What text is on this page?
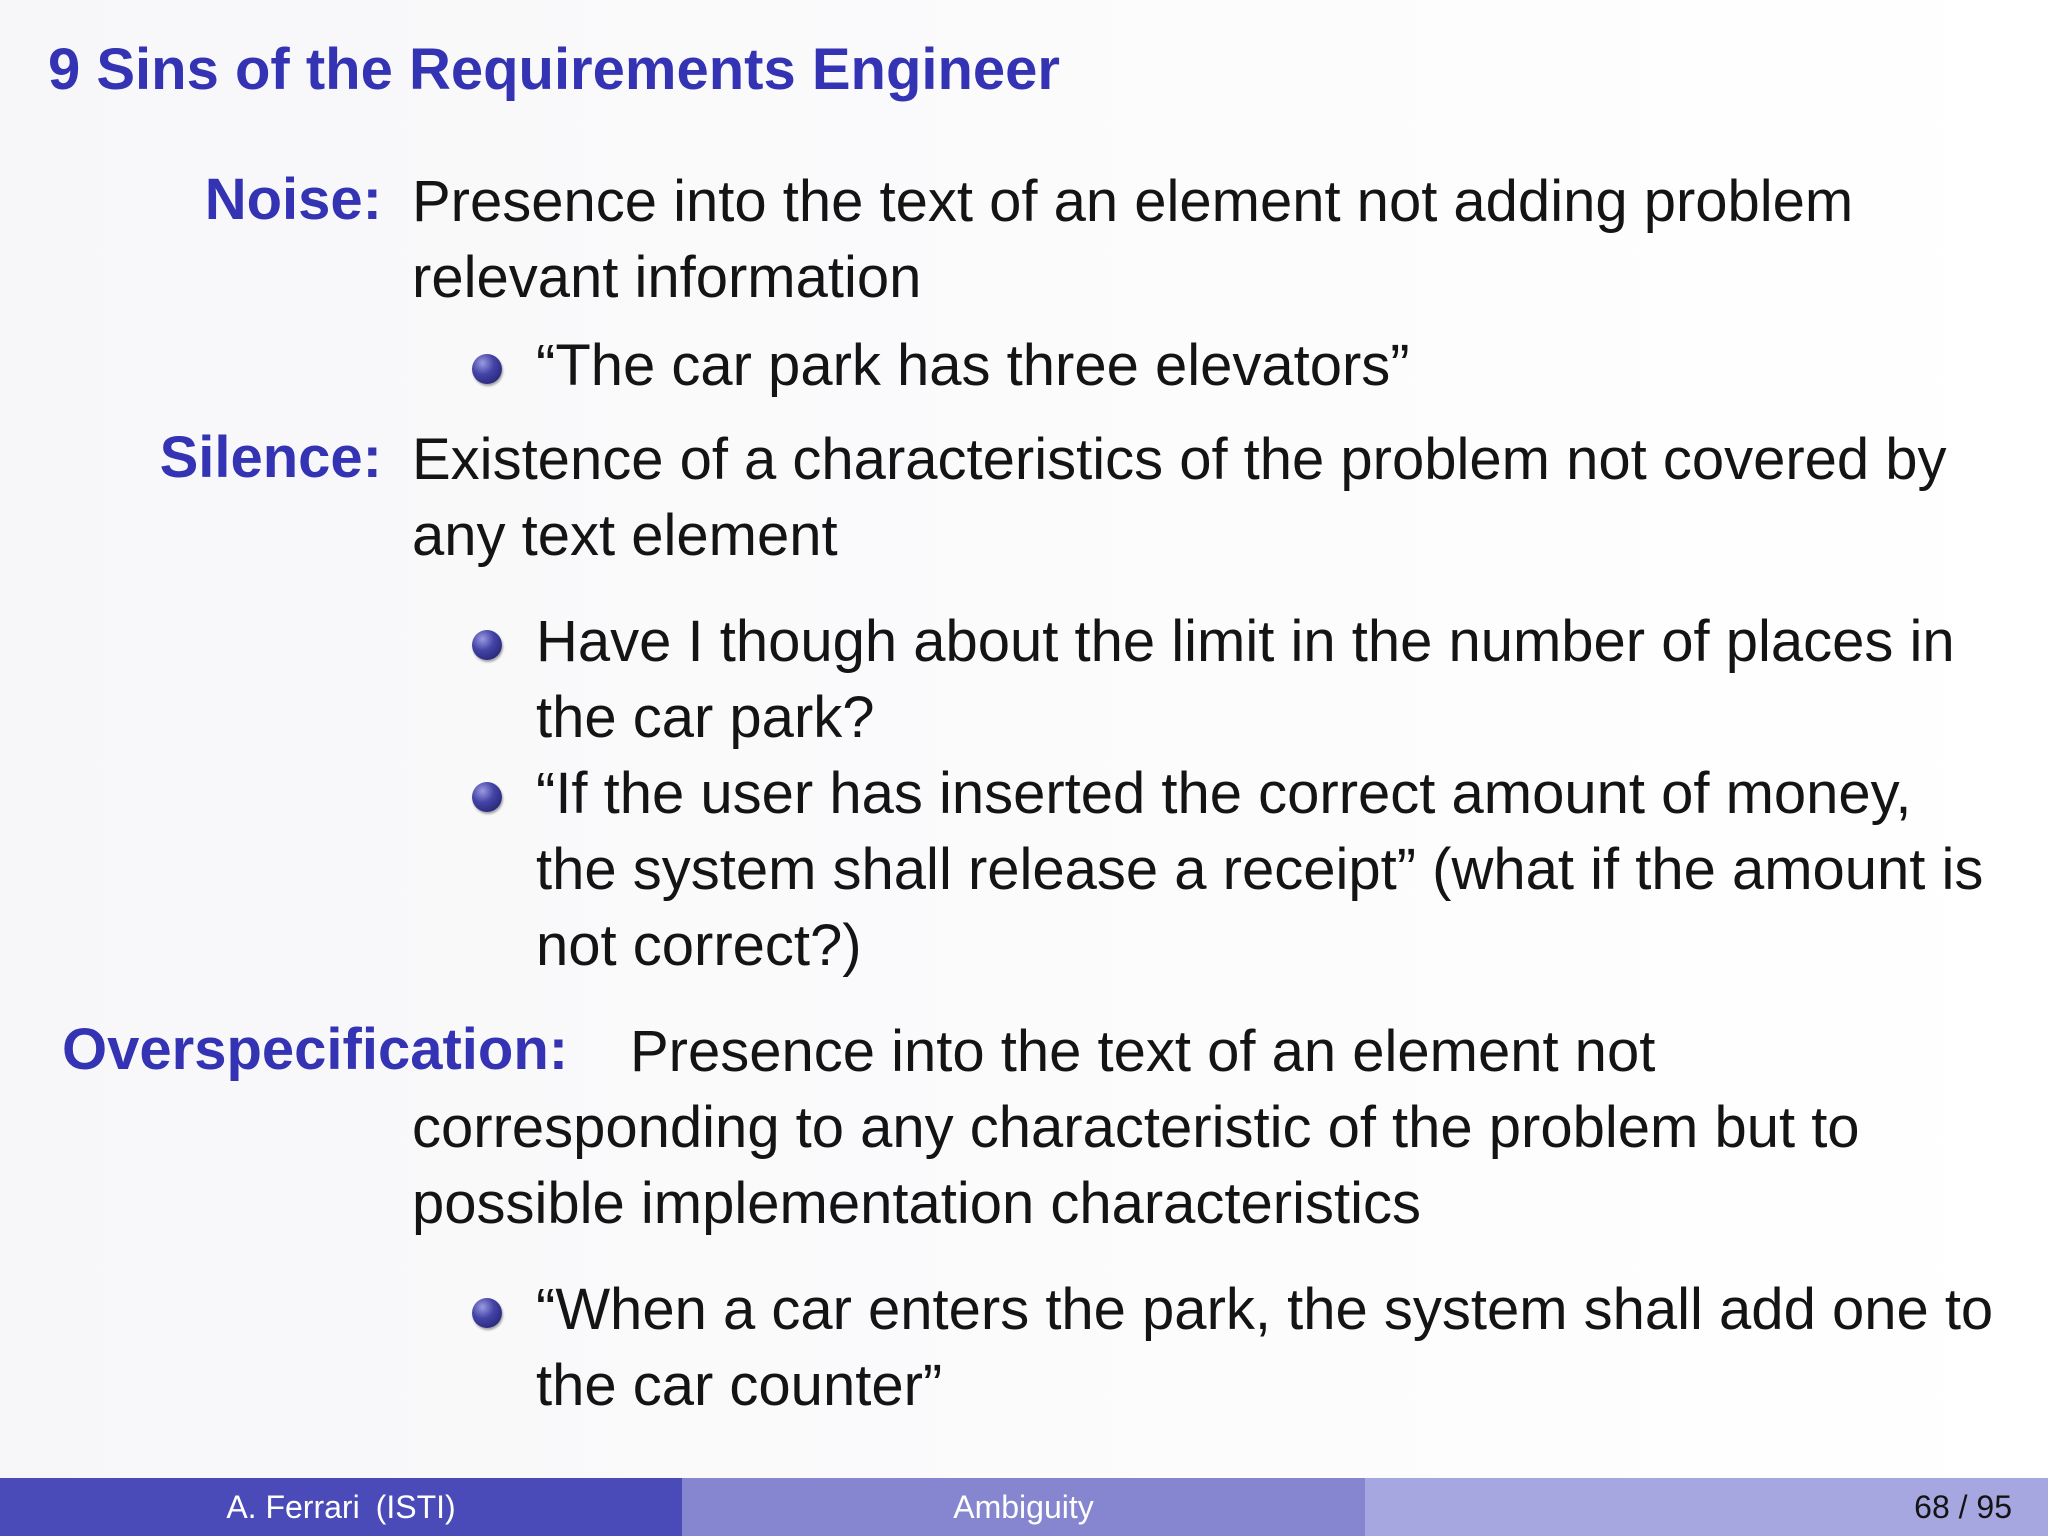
9 Sins of the Requirements Engineer
Noise: Presence into the text of an element not adding problem relevant information

“The car park has three elevators”
Silence: Existence of a characteristics of the problem not covered by any text element

Have I though about the limit in the number of places in the car park?
“If the user has inserted the correct amount of money, the system shall release a receipt” (what if the amount is not correct?)
Overspecification: Presence into the text of an element not

corresponding to any characteristic of the problem but to possible implementation characteristics

“When a car enters the park, the system shall add one to the car counter”
A. Ferrari (ISTI)	Ambiguity	68 / 95
